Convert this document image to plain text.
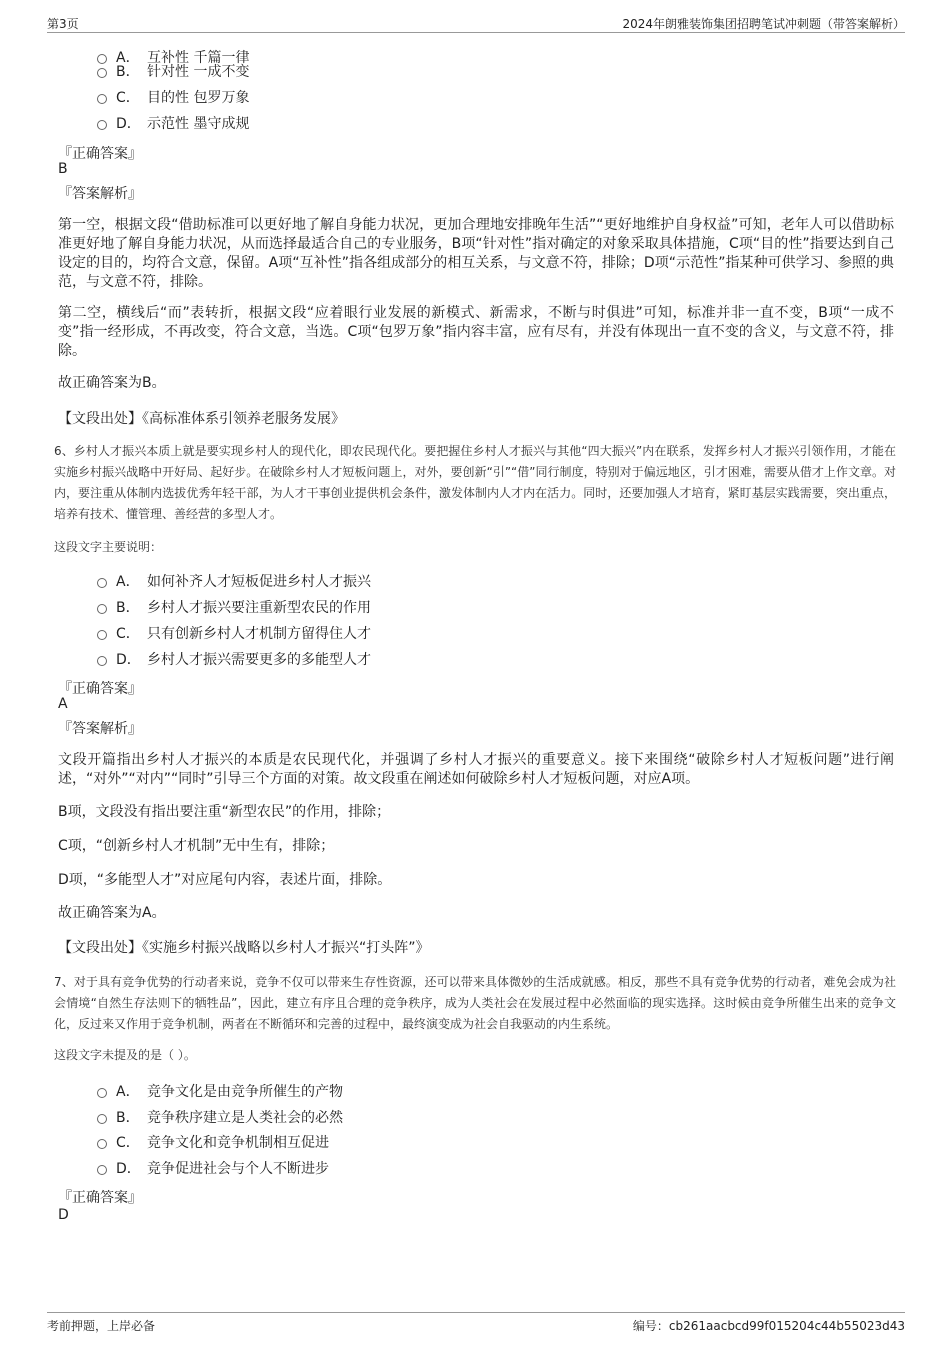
第3页	2024年朗雅装饰集团招聘笔试冲刺题（带答案解析）
A． 互补性 千篇一律
B． 针对性 一成不变
C． 目的性 包罗万象
D． 示范性 墨守成规
『正确答案』
B
『答案解析』
第一空，根据文段“借助标准可以更好地了解自身能力状况，更加合理地安排晚年生活”“更好地维护自身权益”可知，老年人可以借助标准更好地了解自身能力状况，从而选择最适合自己的专业服务，B项“针对性”指对确定的对象采取具体措施，C项“目的性”指要达到自己设定的目的，均符合文意，保留。A项“互补性”指各组成部分的相互关系，与文意不符，排除；D项“示范性”指某种可供学习、参照的典范，与文意不符，排除。
第二空，横线后“而”表转折，根据文段“应着眼行业发展的新模式、新需求，不断与时俱进”可知，标准并非一直不变，B项“一成不变”指一经形成，不再改变，符合文意，当选。C项“包罗万象”指内容丰富，应有尽有，并没有体现出一直不变的含义，与文意不符，排除。
故正确答案为B。
【文段出处】《高标准体系引领养老服务发展》
6、乡村人才振兴本质上就是要实现乡村人的现代化，即农民现代化。要把握住乡村人才振兴与其他“四大振兴”内在联系，发挥乡村人才振兴引领作用，才能在实施乡村振兴战略中开好局、起好步。在破除乡村人才短板问题上，对外，要创新“引”“借”同行制度，特别对于偏远地区，引才困难，需要从借才上作文章。对内，要注重从体制内选拔优秀年轻干部，为人才干事创业提供机会条件，激发体制内人才内在活力。同时，还要加强人才培育，紧盯基层实践需要，突出重点，培养有技术、懂管理、善经营的多型人才。
这段文字主要说明：
A． 如何补齐人才短板促进乡村人才振兴
B． 乡村人才振兴要注重新型农民的作用
C． 只有创新乡村人才机制方留得住人才
D． 乡村人才振兴需要更多的多能型人才
『正确答案』
A
『答案解析』
文段开篇指出乡村人才振兴的本质是农民现代化，并强调了乡村人才振兴的重要意义。接下来围绕“破除乡村人才短板问题”进行阐述，“对外”“对内”“同时”引导三个方面的对策。故文段重在阐述如何破除乡村人才短板问题，对应A项。
B项，文段没有指出要注重“新型农民”的作用，排除；
C项，“创新乡村人才机制”无中生有，排除；
D项，“多能型人才”对应尾句内容，表述片面，排除。
故正确答案为A。
【文段出处】《实施乡村振兴战略以乡村人才振兴“打头阵”》
7、对于具有竞争优势的行动者来说，竞争不仅可以带来生存性资源，还可以带来具体微妙的生活成就感。相反，那些不具有竞争优势的行动者，难免会成为社会情境“自然生存法则下的牺牲品”，因此，建立有序且合理的竞争秩序，成为人类社会在发展过程中必然面临的现实选择。这时候由竞争所催生出来的竞争文化，反过来又作用于竞争机制，两者在不断循环和完善的过程中，最终演变成为社会自我驱动的内生系统。
这段文字未提及的是（ ）。
A． 竞争文化是由竞争所催生的产物
B． 竞争秩序建立是人类社会的必然
C． 竞争文化和竞争机制相互促进
D． 竞争促进社会与个人不断进步
『正确答案』
D
考前押题，上岸必备	编号：cb261aacbcd99f015204c44b55023d43
